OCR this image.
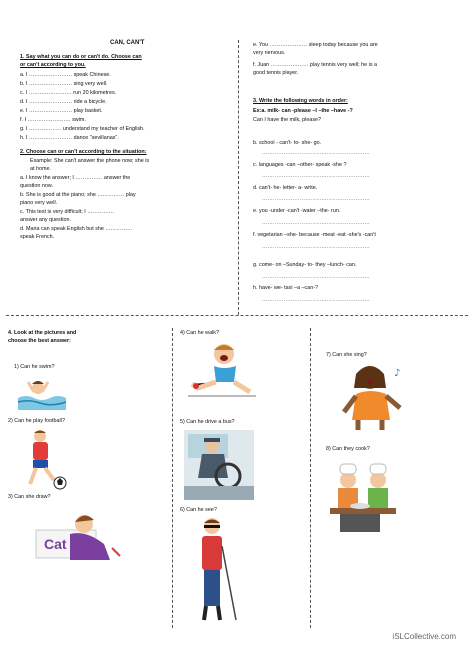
CAN, CAN'T
1. Say what you can do or can't do. Choose can
or can't according to you.
a. I …………………… speak Chinese.
b. I …………………… sing very well.
c. I …………………… run 20 kilometres.
d. I …………………… ride a bicycle.
e. I …………………… play basket.
f. I …………………… swim.
g. I ……………… understand my teacher of English.
h. I …………………… dance "sevillanas".
2. Choose can or can't according to the situation:
Example: She can't answer the phone now; she is
at home.
a. I know the answer; I …………… answer the
question now.
b. She is good at the piano; she …………… play
piano very well.
c. This test is very difficult; I ……………
answer any question.
d. Maria can speak English but she ……………
speak French.
e. You ………………… sleep today because you are
very nervous.
f. Juan ………………… play tennis very well; he is a
good tennis player.
3. Write the following words in order:
Ex:a. milk- can -please –I –the –have -?
Can I have the milk, please?
b. school - can't- to- she- go.
……………………………………………………
c. languages -can –other- speak -she ?
……………………………………………………
d. can't- he- letter- a- write.
……………………………………………………
e. you -under -can't -water –the- run.
……………………………………………………
f. vegetarian –she- because -meat -eat -she's -can't
……………………………………………………
g. come- on –Sunday- to- they –lunch- can.
……………………………………………………
h. have- we- taxi –a –can-?
……………………………………………………
4. Look at the pictures and
choose the best answer:
1) Can he swim?
2) Can he play football?
3) Can she draw?
4) Can he walk?
5) Can he drive a bus?
6) Can he see?
7) Can she sing?
8) Can they cook?
Cat
♪
iSLCollective.com
